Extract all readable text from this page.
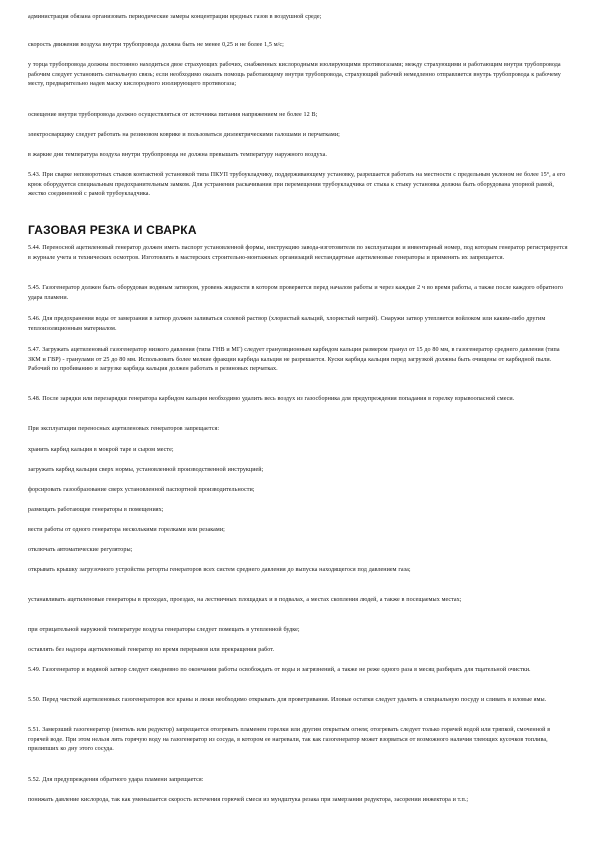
администрация обязана организовать периодические замеры концентрации вредных газов в воздушной среде;
скорость движения воздуха внутри трубопровода должна быть не менее 0,25 и не более 1,5 м/с;
у торца трубопровода должны постоянно находиться двое страхующих рабочих, снабженных кислородными изолирующими противогазами; между страхующими и работающим внутри трубопровода рабочим следует установить сигнальную связь; если необходимо оказать помощь работающему внутри трубопровода, страхующий рабочий немедленно отправляется внутрь трубопровода к рабочему месту, предварительно надев маску кислородного изолирующего противогаза;
освещение внутри трубопровода должно осуществляться от источника питания напряжением не более 12 В;
электросварщику следует работать на резиновом коврике и пользоваться диэлектрическими галошами и перчатками;
в жаркие дни температура воздуха внутри трубопровода не должна превышать температуру наружного воздуха.
5.43. При сварке неповоротных стыков контактной установкой типа ПКУП трубоукладчику, поддерживающему установку, разрешается работать на местности с предельным уклоном не более 15°, а его крюк оборудуется специальным предохранительным замком. Для устранения раскачивания при перемещении трубоукладчика от стыка к стыку установка должна быть оборудована упорной рамой, жестко соединенной с рамой трубоукладчика.
ГАЗОВАЯ РЕЗКА И СВАРКА
5.44. Переносной ацетиленовый генератор должен иметь паспорт установленной формы, инструкцию завода-изготовителя по эксплуатации и инвентарный номер, под которым генератор регистрируется в журнале учета и технических осмотров. Изготовлять в мастерских строительно-монтажных организаций нестандартные ацетиленовые генераторы и применять их запрещается.
5.45. Газогенератор должен быть оборудован водяным затвором, уровень жидкости в котором проверяется перед началом работы и через каждые 2 ч во время работы, а также после каждого обратного удара пламени.
5.46. Для предохранения воды от замерзания в затвор должен заливаться солевой раствор (хлористый кальций, хлористый натрий). Снаружи затвор утепляется войлоком или каким-либо другим теплоизоляционным материалом.
5.47. Загружать ацетиленовый газогенератор низкого давления (типа ГНВ и МГ) следует грануляционным карбидом кальция размером гранул от 15 до 80 мм, в газогенератор среднего давления (типа ЗКМ и ГВР) - гранулами от 25 до 80 мм. Использовать более мелкие фракции карбида кальция не разрешается. Куски карбида кальция перед загрузкой должны быть очищены от карбидной пыли. Рабочий по пробиванию и загрузке карбида кальция должен работать в резиновых перчатках.
5.48. После зарядки или перезарядки генератора карбидом кальция необходимо удалить весь воздух из газосборника для предупреждения попадания в горелку взрывоопасной смеси.
При эксплуатации переносных ацетиленовых генераторов запрещается:
хранить карбид кальция в мокрой таре и сыром месте;
загружать карбид кальция сверх нормы, установленной производственной инструкцией;
форсировать газообразование сверх установленной паспортной производительности;
размещать работающие генераторы в помещениях;
вести работы от одного генератора несколькими горелками или резаками;
отключать автоматические регуляторы;
открывать крышку загрузочного устройства реторты генераторов всех систем среднего давления до выпуска находящегося под давлением газа;
устанавливать ацетиленовые генераторы в проходах, проездах, на лестничных площадках и в подвалах, а местах скопления людей, а также в посещаемых местах;
при отрицательной наружной температуре воздуха генераторы следует помещать в утепленной будке;
оставлять без надзора ацетиленовый генератор во время перерывов или прекращения работ.
5.49. Газогенератор и водяной затвор следует ежедневно по окончании работы освобождать от воды и загрязнений, а также не реже одного раза в месяц разбирать для тщательной очистки.
5.50. Перед чисткой ацетиленовых газогенераторов все краны и люки необходимо открывать для проветривания. Иловые остатки следует удалять в специальную посуду и сливать в иловые ямы.
5.51. Замерзший газогенератор (вентиль или редуктор) запрещается отогревать пламенем горелки или другим открытым огнем; отогревать следует только горячей водой или тряпкой, смоченной в горячей воде. При этом нельзя лить горячую воду на газогенератор из сосуда, в котором ее нагревали, так как газогенератор может взорваться от возможного наличия тлеющих кусочков топлива, прилипших ко дну этого сосуда.
5.52. Для предупреждения обратного удара пламени запрещается:
понижать давление кислорода, так как уменьшается скорость истечения горючей смеси из мундштука резака при замерзании редуктора, засорении инжектора и т.п.;
